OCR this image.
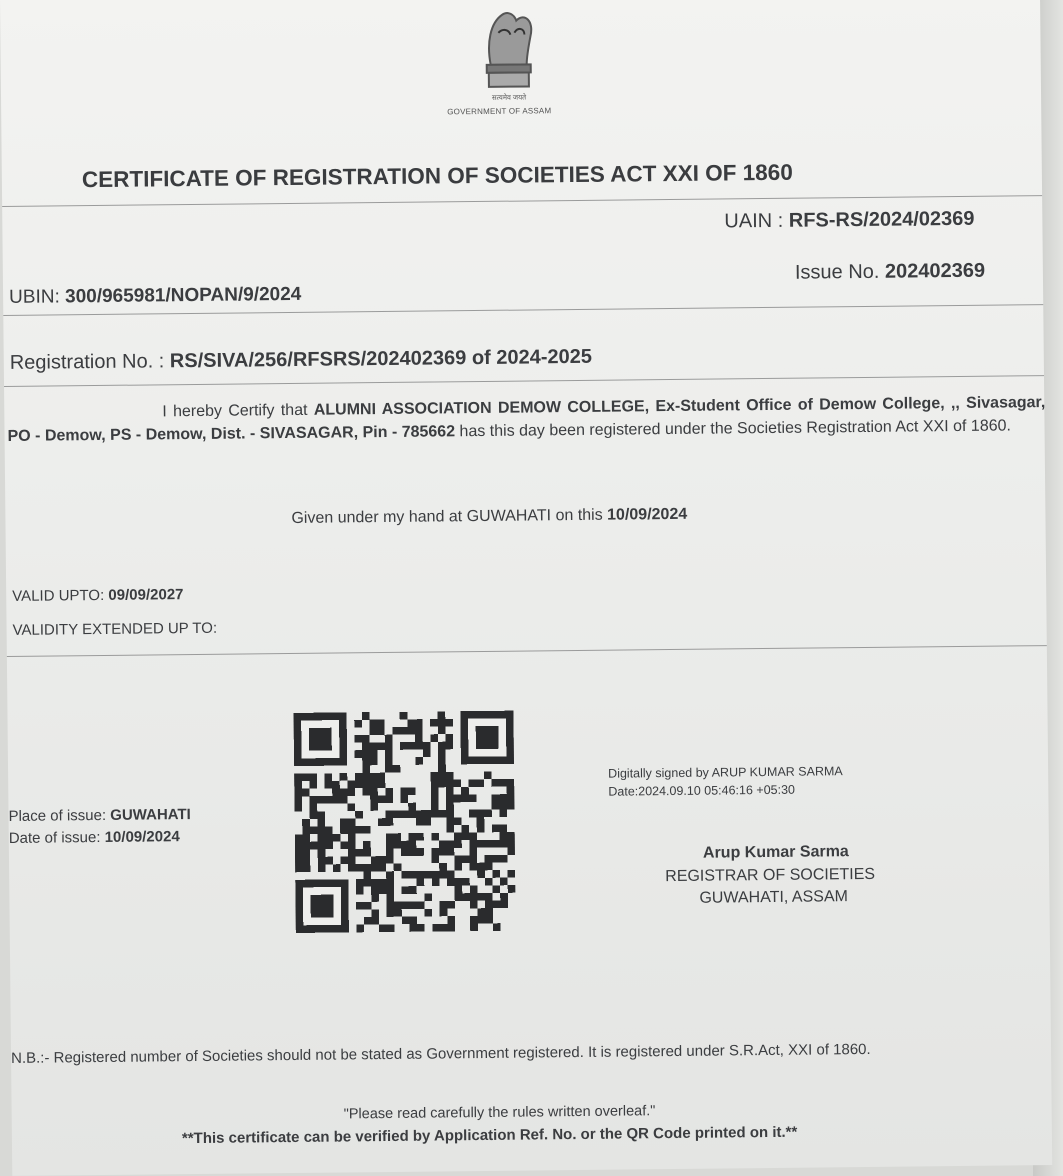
सत्यमेव जयते
GOVERNMENT OF ASSAM
CERTIFICATE OF REGISTRATION OF SOCIETIES ACT XXI OF 1860
UAIN : RFS-RS/2024/02369
Issue No. 202402369
UBIN: 300/965981/NOPAN/9/2024
Registration No. : RS/SIVA/256/RFSRS/202402369 of 2024-2025
I hereby Certify that ALUMNI ASSOCIATION DEMOW COLLEGE, Ex-Student Office of Demow College, ,, Sivasagar, PO - Demow, PS - Demow, Dist. - SIVASAGAR, Pin - 785662 has this day been registered under the Societies Registration Act XXI of 1860.
Given under my hand at GUWAHATI on this 10/09/2024
VALID UPTO: 09/09/2027
VALIDITY EXTENDED UP TO:
Place of issue: GUWAHATI
Date of issue: 10/09/2024
Digitally signed by ARUP KUMAR SARMA
Date:2024.09.10 05:46:16 +05:30
Arup Kumar Sarma
REGISTRAR OF SOCIETIES
GUWAHATI, ASSAM
N.B.:- Registered number of Societies should not be stated as Government registered. It is registered under S.R.Act, XXI of 1860.
"Please read carefully the rules written overleaf."
**This certificate can be verified by Application Ref. No. or the QR Code printed on it.**
